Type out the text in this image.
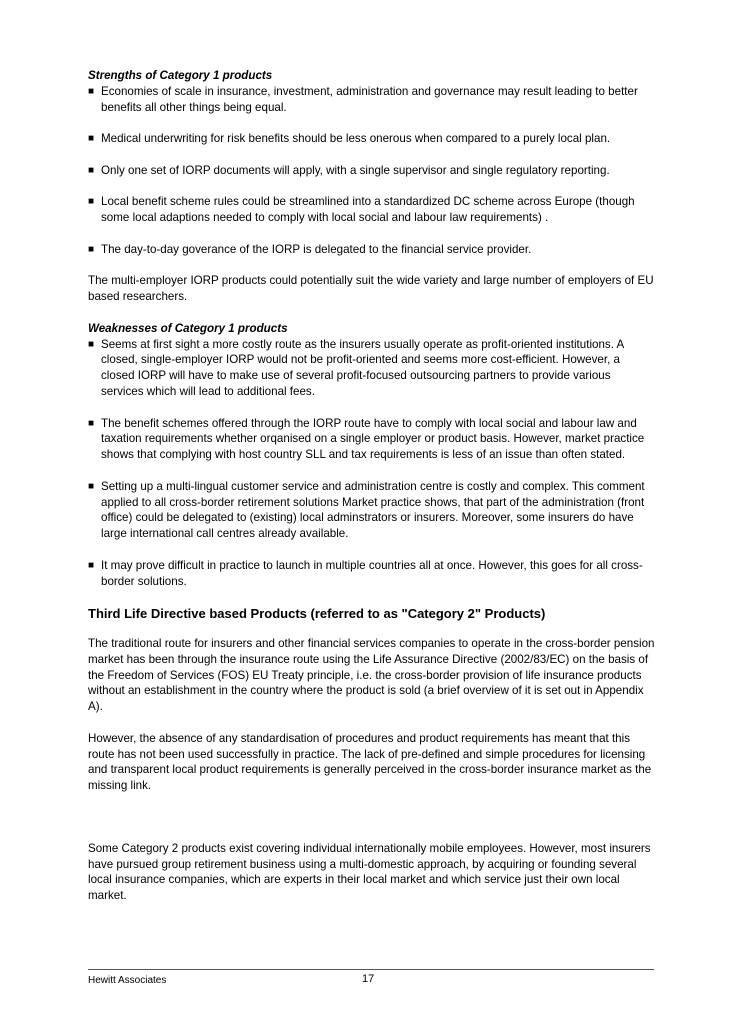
Strengths of Category 1 products

■ Economies of scale in insurance, investment, administration and governance may result leading to better benefits all other things being equal.
■ Medical underwriting for risk benefits should be less onerous when compared to a purely local plan.
■ Only one set of IORP documents will apply, with a single supervisor and single regulatory reporting.
■ Local benefit scheme rules could be streamlined into a standardized DC scheme across Europe (though some local adaptions needed to comply with local social and labour law requirements) .
■ The day-to-day goverance of the IORP is delegated to the financial service provider.

The multi-employer IORP products could potentially suit the wide variety and large number of employers of EU based researchers.

Weaknesses of Category 1 products

■ Seems at first sight a more costly route as the insurers usually operate as profit-oriented institutions. A closed, single-employer IORP would not be profit-oriented and seems more cost-efficient. However, a closed IORP will have to make use of several profit-focused outsourcing partners to provide various services which will lead to additional fees.
■ The benefit schemes offered through the IORP route have to comply with local social and labour law and taxation requirements whether orqanised on a single employer or product basis. However, market practice shows that complying with host country SLL and tax requirements is less of an issue than often stated.
■ Setting up a multi-lingual customer service and administration centre is costly and complex. This comment applied to all cross-border retirement solutions Market practice shows, that part of the administration (front office) could be delegated to (existing) local adminstrators or insurers. Moreover, some insurers do have large international call centres already available.
■ It may prove difficult in practice to launch in multiple countries all at once. However, this goes for all cross-border solutions.

Third Life Directive based Products (referred to as "Category 2" Products)

The traditional route for insurers and other financial services companies to operate in the cross-border pension market has been through the insurance route using the Life Assurance Directive (2002/83/EC) on the basis of the Freedom of Services (FOS) EU Treaty principle, i.e. the cross-border provision of life insurance products without an establishment in the country where the product is sold (a brief overview of it is set out in Appendix A).

However, the absence of any standardisation of procedures and product requirements has meant that this route has not been used successfully in practice. The lack of pre-defined and simple procedures for licensing and transparent local product requirements is generally perceived in the cross-border insurance market as the missing link.

Some Category 2 products exist covering individual internationally mobile employees. However, most insurers have pursued group retirement business using a multi-domestic approach, by acquiring or founding several local insurance companies, which are experts in their local market and which service just their own local market.

Hewitt Associates	17
